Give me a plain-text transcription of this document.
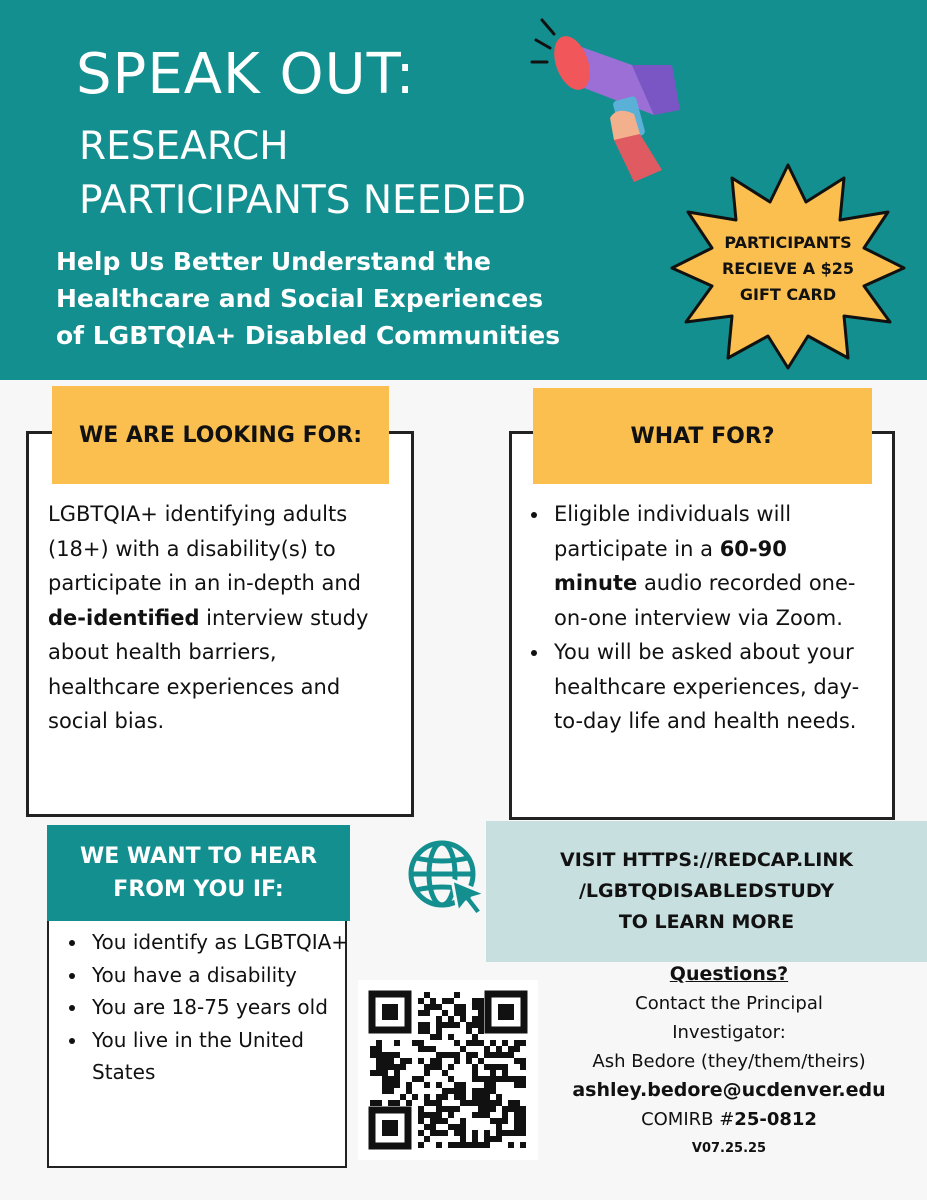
SPEAK OUT:
RESEARCH
PARTICIPANTS NEEDED
Help Us Better Understand the
Healthcare and Social Experiences
of LGBTQIA+ Disabled Communities
PARTICIPANTS
RECIEVE A $25
GIFT CARD
WE ARE LOOKING FOR:
LGBTQIA+ identifying adults (18+) with a disability(s) to participate in an in-depth and de-identified interview study about health barriers, healthcare experiences and social bias.
WHAT FOR?
• Eligible individuals will participate in a 60-90 minute audio recorded one-on-one interview via Zoom.
• You will be asked about your healthcare experiences, day-to-day life and health needs.
WE WANT TO HEAR
FROM YOU IF:
• You identify as LGBTQIA+
• You have a disability
• You are 18-75 years old
• You live in the United States
VISIT HTTPS://REDCAP.LINK
/LGBTQDISABLEDSTUDY
TO LEARN MORE
Questions?
Contact the Principal
Investigator:
Ash Bedore (they/them/theirs)
ashley.bedore@ucdenver.edu
COMIRB #25-0812
V07.25.25
